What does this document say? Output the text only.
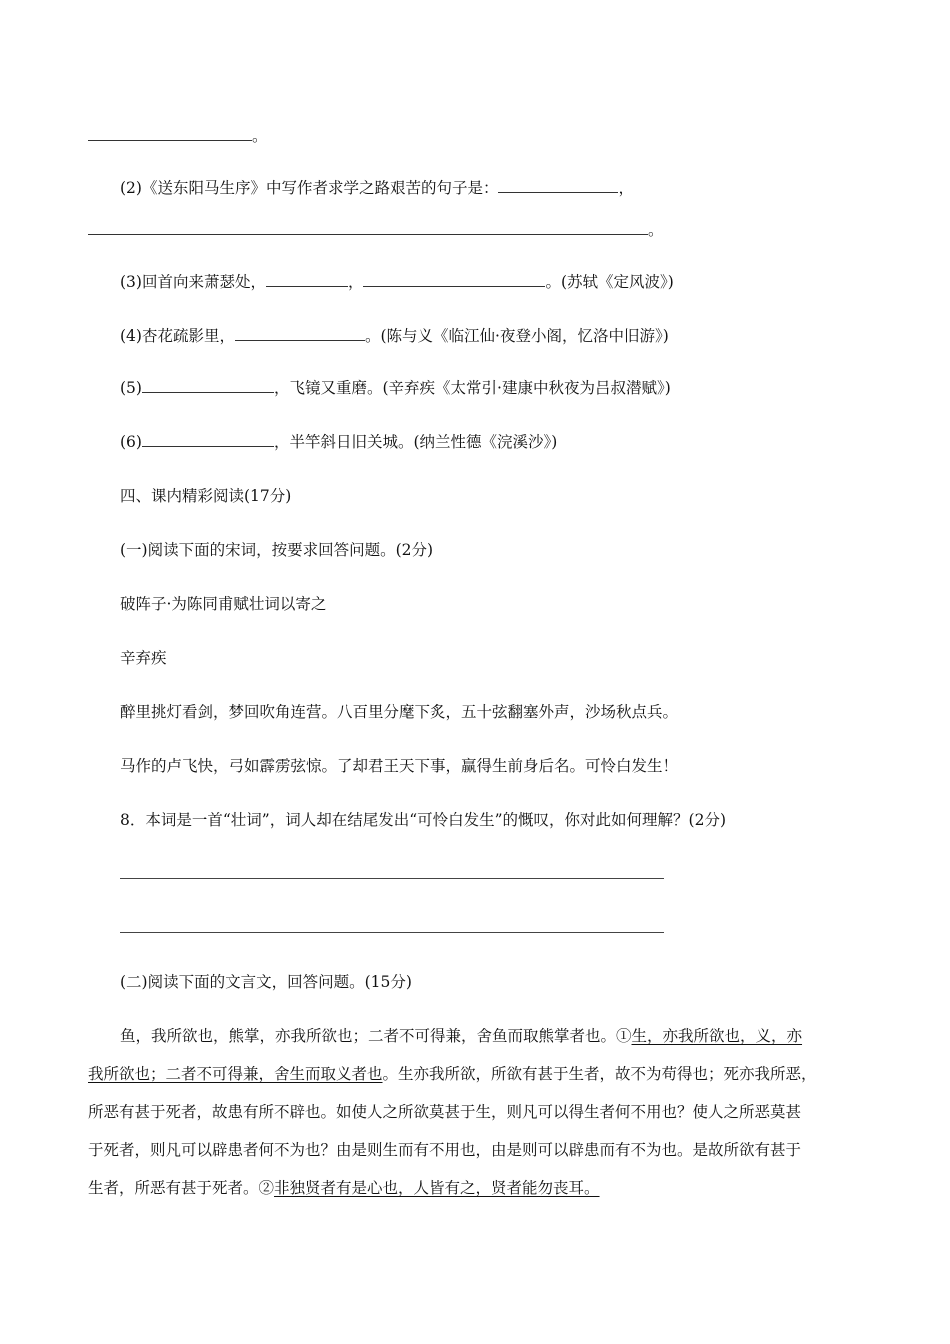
。
(2)《送东阳马生序》中写作者求学之路艰苦的句子是：	，
。
(3)回首向来萧瑟处，	，	。(苏轼《定风波》)
(4)杏花疏影里，	。(陈与义《临江仙·夜登小阁，忆洛中旧游》)
(5)	，飞镜又重磨。(辛弃疾《太常引·建康中秋夜为吕叔潜赋》)
(6)	，半竿斜日旧关城。(纳兰性德《浣溪沙》)
四、课内精彩阅读(17分)
(一)阅读下面的宋词，按要求回答问题。(2分)
破阵子·为陈同甫赋壮词以寄之
辛弃疾
醉里挑灯看剑，梦回吹角连营。八百里分麾下炙，五十弦翻塞外声，沙场秋点兵。
马作的卢飞快，弓如霹雳弦惊。了却君王天下事，赢得生前身后名。可怜白发生！
8．本词是一首“壮词”，词人却在结尾发出“可怜白发生”的慨叹，你对此如何理解？(2分)
(二)阅读下面的文言文，回答问题。(15分)
鱼，我所欲也，熊掌，亦我所欲也；二者不可得兼，舍鱼而取熊掌者也。①生，亦我所欲也，义，亦
我所欲也；二者不可得兼，舍生而取义者也。生亦我所欲，所欲有甚于生者，故不为苟得也；死亦我所恶，
所恶有甚于死者，故患有所不辟也。如使人之所欲莫甚于生，则凡可以得生者何不用也？使人之所恶莫甚
于死者，则凡可以辟患者何不为也？由是则生而有不用也，由是则可以辟患而有不为也。是故所欲有甚于
生者，所恶有甚于死者。②非独贤者有是心也，人皆有之，贤者能勿丧耳。
